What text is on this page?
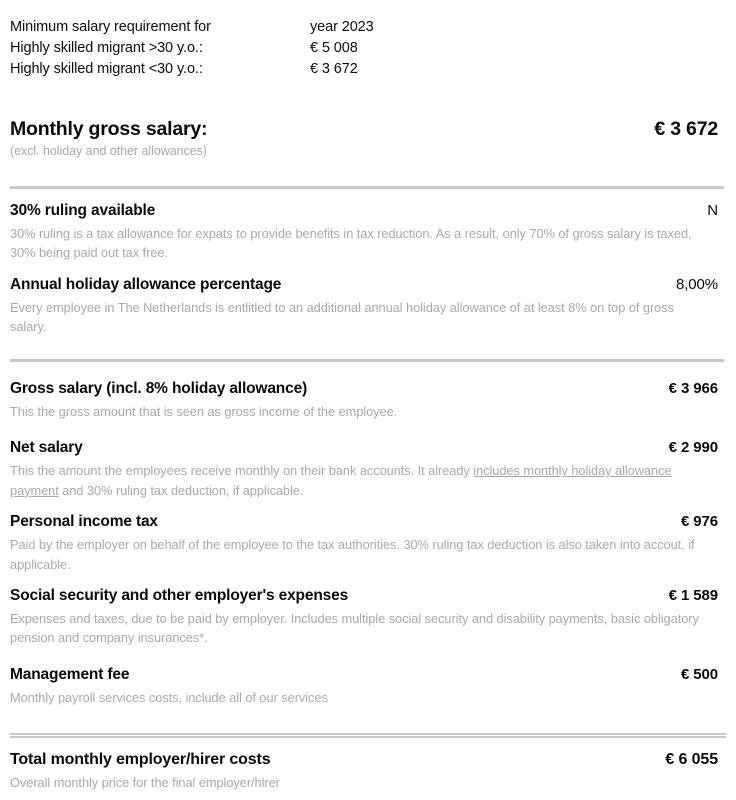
Minimum salary requirement for	year 2023
Highly skilled migrant >30 y.o.:	€ 5 008
Highly skilled migrant <30 y.o.:	€ 3 672
Monthly gross salary:	€ 3 672
(excl. holiday and other allowances)
30% ruling available	N
30% ruling is a tax allowance for expats to provide benefits in tax reduction. As a result, only 70% of gross salary is taxed, 30% being paid out tax free.
Annual holiday allowance percentage	8,00%
Every employee in The Netherlands is entlitled to an additional annual holiday allowance of at least 8% on top of gross salary.
Gross salary (incl. 8% holiday allowance)	€ 3 966
This the gross amount that is seen as gross income of the employee.
Net salary	€ 2 990
This the amount the employees receive monthly on their bank accounts. It already includes monthly holiday allowance payment and 30% ruling tax deduction, if applicable.
Personal income tax	€ 976
Paid by the employer on behalf of the employee to the tax authorities. 30% ruling tax deduction is also taken into accout, if applicable.
Social security and other employer's expenses	€ 1 589
Expenses and taxes, due to be paid by employer. Includes multiple social security and disability payments, basic obligatory pension and company insurances*.
Management fee	€ 500
Monthly payroll services costs, include all of our services
Total monthly employer/hirer costs	€ 6 055
Overall monthly price for the final employer/hirer
